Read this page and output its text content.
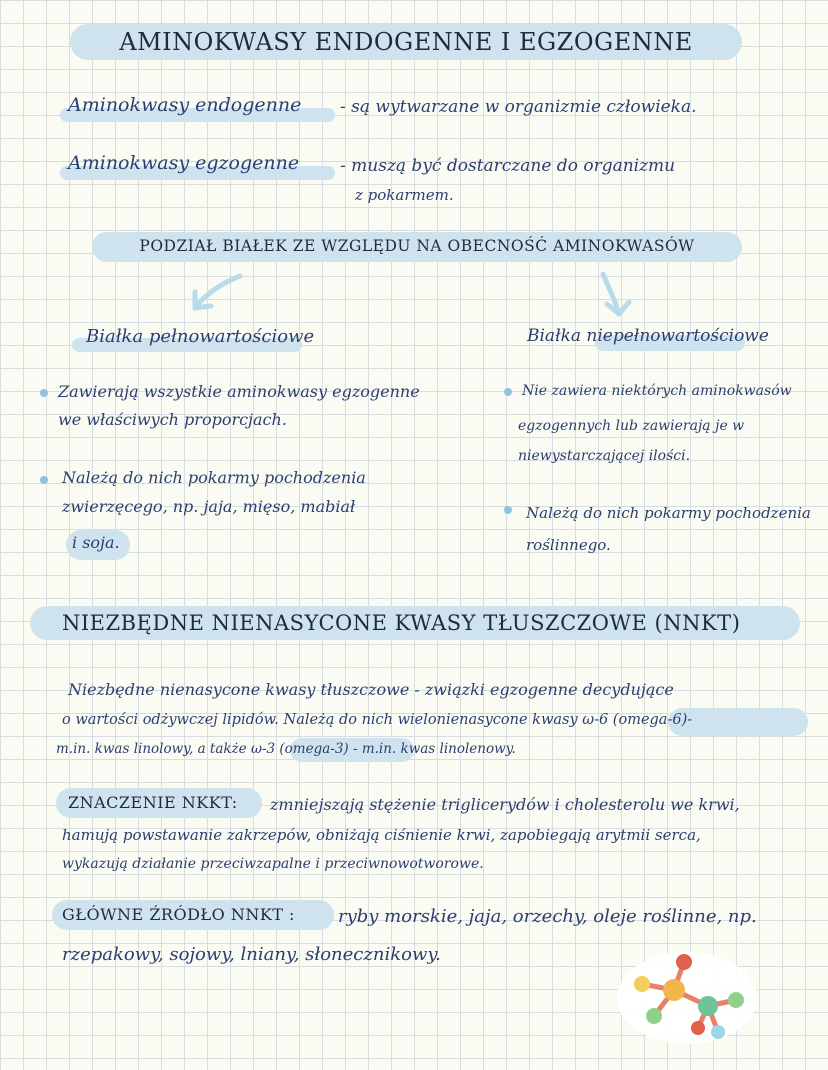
AMINOKWASY ENDOGENNE I EGZOGENNE
Aminokwasy endogenne - są wytwarzane w organizmie człowieka.
Aminokwasy egzogenne - muszą być dostarczane do organizmu
z pokarmem.
PODZIAŁ BIAŁEK ZE WZGLĘDU NA OBECNOŚĆ AMINOKWASÓW
Białka pełnowartościowe
Zawierają wszystkie aminokwasy egzogenne
we właściwych proporcjach.
Należą do nich pokarmy pochodzenia
zwierzęcego, np. jaja, mięso, mabiał
i soja.
Białka niepełnowartościowe
Nie zawiera niektórych aminokwasów
egzogennych lub zawierają je w
niewystarczającej ilości.
Należą do nich pokarmy pochodzenia
roślinnego.
NIEZBĘDNE NIENASYCONE KWASY TŁUSZCZOWE (NNKT)
Niezbędne nienasycone kwasy tłuszczowe - związki egzogenne decydujące
o wartości odżywczej lipidów. Należą do nich wielonienasycone kwasy ω-6 (omega-6)-
m.in. kwas linolowy, a także ω-3 (omega-3) - m.in. kwas linolenowy.
ZNACZENIE NKKT: zmniejszają stężenie triglicerydów i cholesterolu we krwi,
hamują powstawanie zakrzepów, obniżają ciśnienie krwi, zapobiegają arytmii serca,
wykazują działanie przeciwzapalne i przeciwnowotworowe.
GŁÓWNE ŹRÓDŁO NNKT : ryby morskie, jaja, orzechy, oleje roślinne, np.
rzepakowy, sojowy, lniany, słonecznikowy.
